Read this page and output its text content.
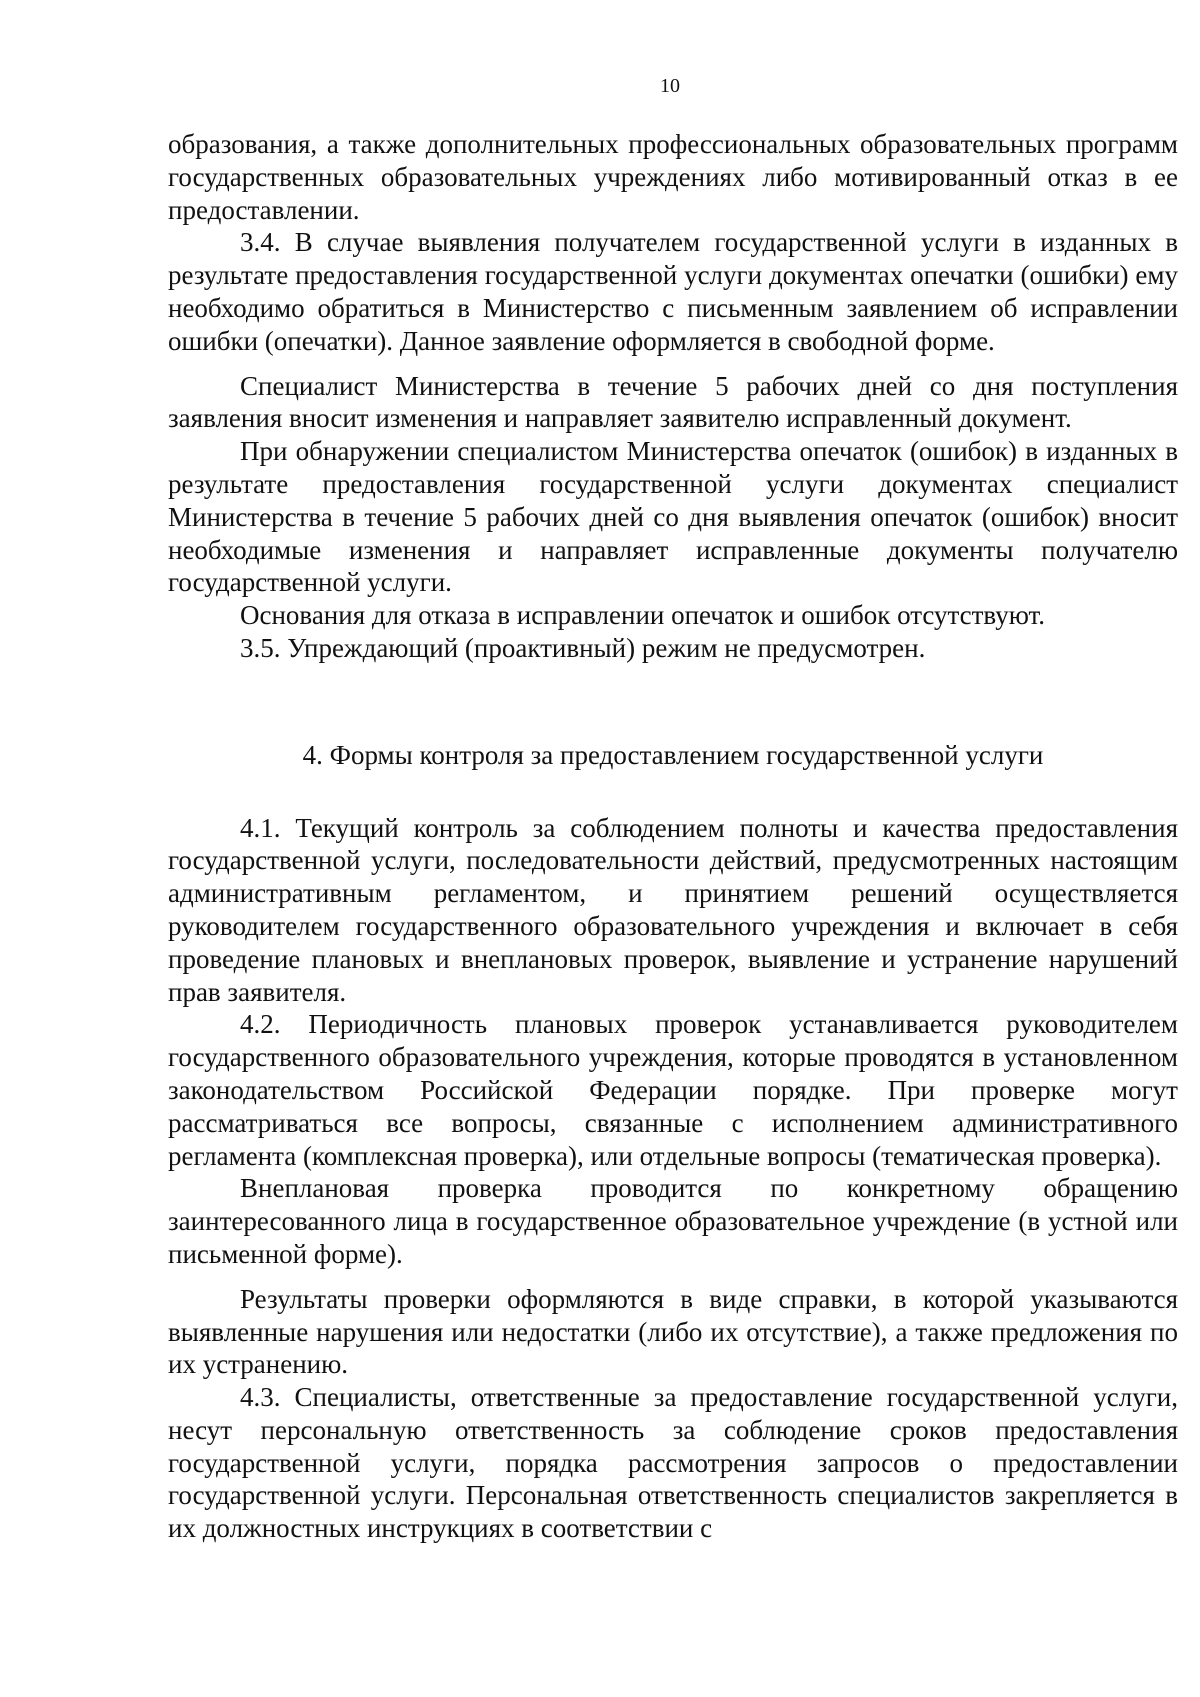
10

образования, а также дополнительных профессиональных образовательных программ государственных образовательных учреждениях либо мотивированный отказ в ее предоставлении.

3.4. В случае выявления получателем государственной услуги в изданных в результате предоставления государственной услуги документах опечатки (ошибки) ему необходимо обратиться в Министерство с письменным заявлением об исправлении ошибки (опечатки). Данное заявление оформляется в свободной форме.

Специалист Министерства в течение 5 рабочих дней со дня поступления заявления вносит изменения и направляет заявителю исправленный документ.

При обнаружении специалистом Министерства опечаток (ошибок) в изданных в результате предоставления государственной услуги документах специалист Министерства в течение 5 рабочих дней со дня выявления опечаток (ошибок) вносит необходимые изменения и направляет исправленные документы получателю государственной услуги.

Основания для отказа в исправлении опечаток и ошибок отсутствуют.

3.5. Упреждающий (проактивный) режим не предусмотрен.

4. Формы контроля за предоставлением государственной услуги

4.1. Текущий контроль за соблюдением полноты и качества предоставления государственной услуги, последовательности действий, предусмотренных настоящим административным регламентом, и принятием решений осуществляется руководителем государственного образовательного учреждения и включает в себя проведение плановых и внеплановых проверок, выявление и устранение нарушений прав заявителя.

4.2. Периодичность плановых проверок устанавливается руководителем государственного образовательного учреждения, которые проводятся в установленном законодательством Российской Федерации порядке. При проверке могут рассматриваться все вопросы, связанные с исполнением административного регламента (комплексная проверка), или отдельные вопросы (тематическая проверка).

Внеплановая проверка проводится по конкретному обращению заинтересованного лица в государственное образовательное учреждение (в устной или письменной форме).

Результаты проверки оформляются в виде справки, в которой указываются выявленные нарушения или недостатки (либо их отсутствие), а также предложения по их устранению.

4.3. Специалисты, ответственные за предоставление государственной услуги, несут персональную ответственность за соблюдение сроков предоставления государственной услуги, порядка рассмотрения запросов о предоставлении государственной услуги. Персональная ответственность специалистов закрепляется в их должностных инструкциях в соответствии с
